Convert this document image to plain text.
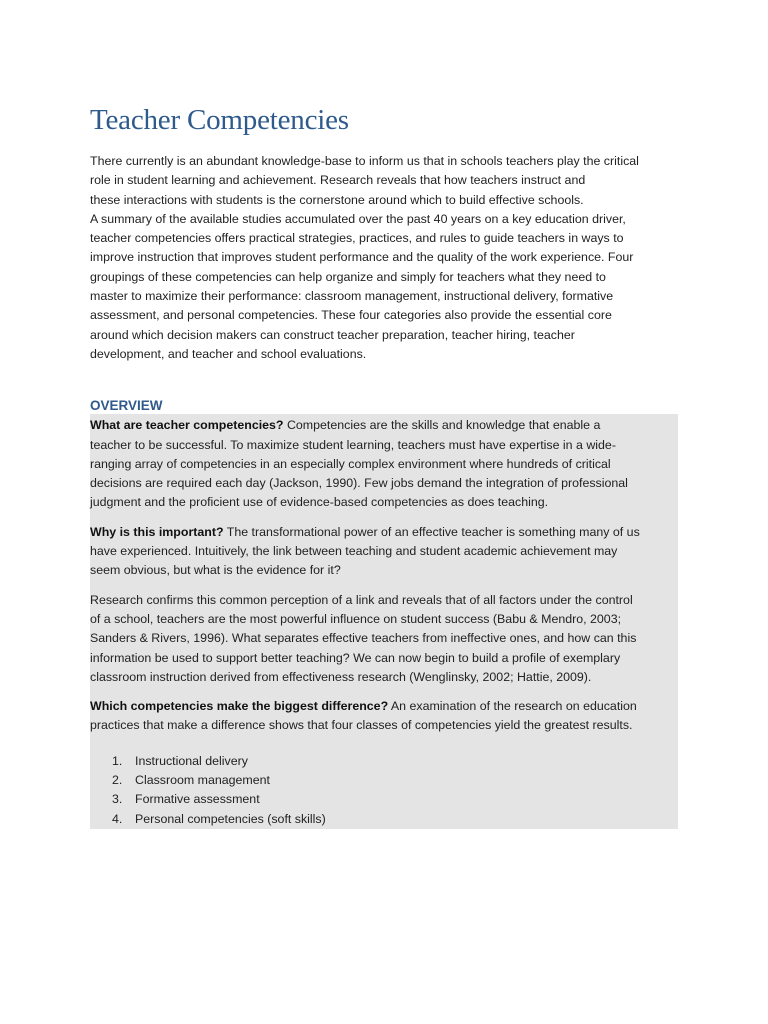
Teacher Competencies

There currently is an abundant knowledge-base to inform us that in schools teachers play the critical

role in student learning and achievement. Research reveals that how teachers instruct and

these interactions with students is the cornerstone around which to build effective schools.

A summary of the available studies accumulated over the past 40 years on a key education driver,

teacher competencies offers practical strategies, practices, and rules to guide teachers in ways to

improve instruction that improves student performance and the quality of the work experience. Four

groupings of these competencies can help organize and simply for teachers what they need to

master to maximize their performance: classroom management, instructional delivery, formative

assessment, and personal competencies. These four categories also provide the essential core

around which decision makers can construct teacher preparation, teacher hiring, teacher

development, and teacher and school evaluations.

OVERVIEW

What are teacher competencies? Competencies are the skills and knowledge that enable a
teacher to be successful. To maximize student learning, teachers must have expertise in a wide-
ranging array of competencies in an especially complex environment where hundreds of critical
decisions are required each day (Jackson, 1990). Few jobs demand the integration of professional
judgment and the proficient use of evidence-based competencies as does teaching.

Why is this important? The transformational power of an effective teacher is something many of us
have experienced. Intuitively, the link between teaching and student academic achievement may
seem obvious, but what is the evidence for it?

Research confirms this common perception of a link and reveals that of all factors under the control
of a school, teachers are the most powerful influence on student success (Babu & Mendro, 2003;
Sanders & Rivers, 1996). What separates effective teachers from ineffective ones, and how can this
information be used to support better teaching? We can now begin to build a profile of exemplary
classroom instruction derived from effectiveness research (Wenglinsky, 2002; Hattie, 2009).

Which competencies make the biggest difference? An examination of the research on education
practices that make a difference shows that four classes of competencies yield the greatest results.

1.	Instructional delivery
2.	Classroom management
3.	Formative assessment
4.	Personal competencies (soft skills)
